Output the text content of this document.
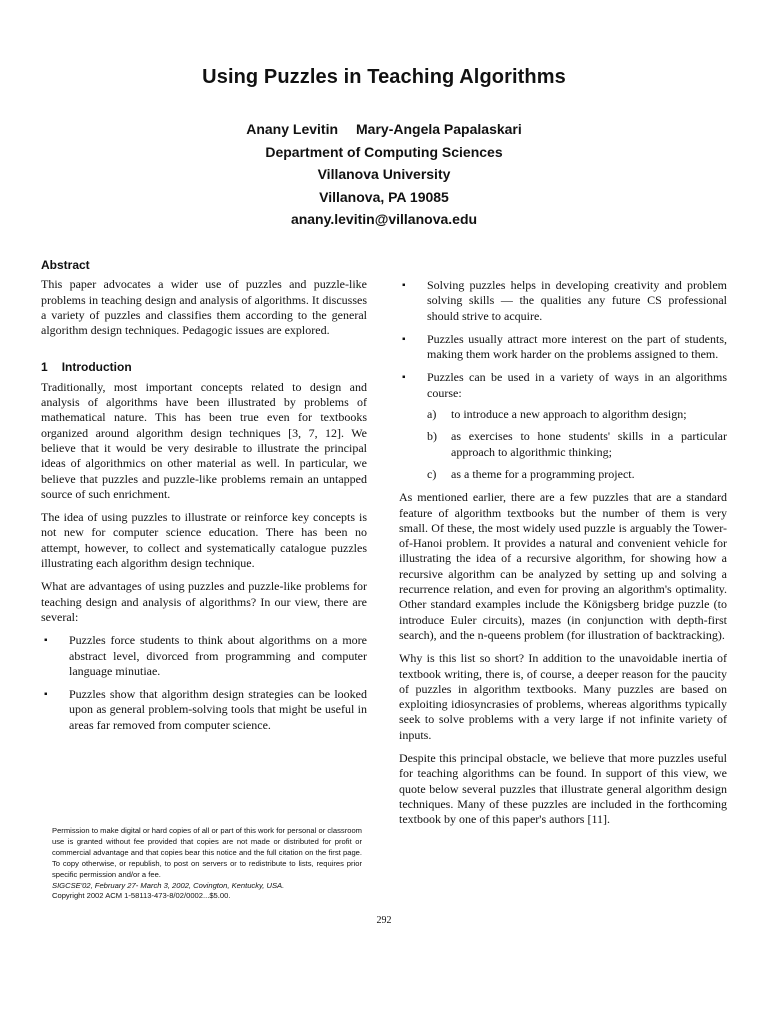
Using Puzzles in Teaching Algorithms
Anany Levitin Mary-Angela Papalaskari
Department of Computing Sciences
Villanova University
Villanova, PA 19085
anany.levitin@villanova.edu
Abstract

This paper advocates a wider use of puzzles and puzzle-like problems in teaching design and analysis of algorithms. It discusses a variety of puzzles and classifies them according to the general algorithm design techniques. Pedagogic issues are explored.

1 Introduction

Traditionally, most important concepts related to design and analysis of algorithms have been illustrated by problems of mathematical nature. This has been true even for textbooks organized around algorithm design techniques [3, 7, 12]. We believe that it would be very desirable to illustrate the principal ideas of algorithmics on other material as well. In particular, we believe that puzzles and puzzle-like problems remain an untapped source of such enrichment.

The idea of using puzzles to illustrate or reinforce key concepts is not new for computer science education. There has been no attempt, however, to collect and systematically catalogue puzzles illustrating each algorithm design technique.

What are advantages of using puzzles and puzzle-like problems for teaching design and analysis of algorithms? In our view, there are several:

▪ Puzzles force students to think about algorithms on a more abstract level, divorced from programming and computer language minutiae.
▪ Puzzles show that algorithm design strategies can be looked upon as general problem-solving tools that might be useful in areas far removed from computer science.
Permission to make digital or hard copies of all or part of this work for personal or classroom use is granted without fee provided that copies are not made or distributed for profit or commercial advantage and that copies bear this notice and the full citation on the first page. To copy otherwise, or republish, to post on servers or to redistribute to lists, requires prior specific permission and/or a fee.
SIGCSE'02, February 27- March 3, 2002, Covington, Kentucky, USA.
Copyright 2002 ACM 1-58113-473-8/02/0002...$5.00.
▪ Solving puzzles helps in developing creativity and problem solving skills — the qualities any future CS professional should strive to acquire.
▪ Puzzles usually attract more interest on the part of students, making them work harder on the problems assigned to them.
▪ Puzzles can be used in a variety of ways in an algorithms course:
a)	to introduce a new approach to algorithm design;
b)	as exercises to hone students' skills in a particular approach to algorithmic thinking;
c)	as a theme for a programming project.

As mentioned earlier, there are a few puzzles that are a standard feature of algorithm textbooks but the number of them is very small. Of these, the most widely used puzzle is arguably the Tower-of-Hanoi problem. It provides a natural and convenient vehicle for illustrating the idea of a recursive algorithm, for showing how a recursive algorithm can be analyzed by setting up and solving a recurrence relation, and even for proving an algorithm's optimality. Other standard examples include the Königsberg bridge puzzle (to introduce Euler circuits), mazes (in conjunction with depth-first search), and the n-queens problem (for illustration of backtracking).

Why is this list so short? In addition to the unavoidable inertia of textbook writing, there is, of course, a deeper reason for the paucity of puzzles in algorithm textbooks. Many puzzles are based on exploiting idiosyncrasies of problems, whereas algorithms typically seek to solve problems with a very large if not infinite variety of inputs.

Despite this principal obstacle, we believe that more puzzles useful for teaching algorithms can be found. In support of this view, we quote below several puzzles that illustrate general algorithm design techniques. Many of these puzzles are included in the forthcoming textbook by one of this paper's authors [11].

292
